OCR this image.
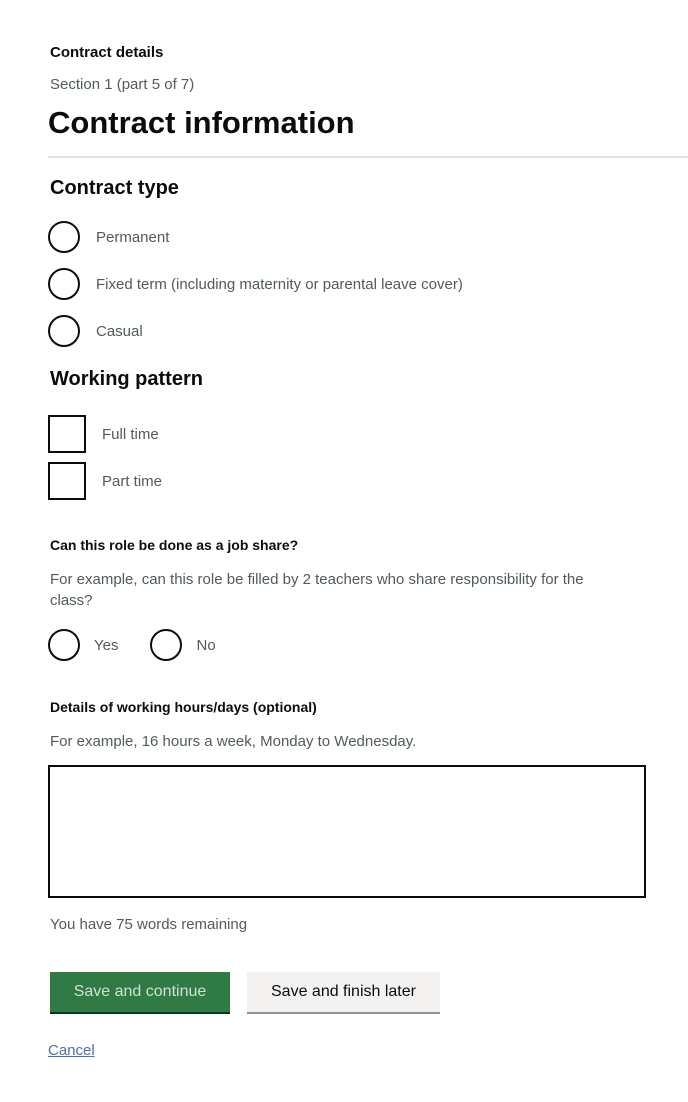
Contract details
Section 1 (part 5 of 7)
Contract information
Contract type
Permanent
Fixed term (including maternity or parental leave cover)
Casual
Working pattern
Full time
Part time
Can this role be done as a job share?
For example, can this role be filled by 2 teachers who share responsibility for the class?
Yes	No
Details of working hours/days (optional)
For example, 16 hours a week, Monday to Wednesday.
You have 75 words remaining
Save and continue	Save and finish later
Cancel
